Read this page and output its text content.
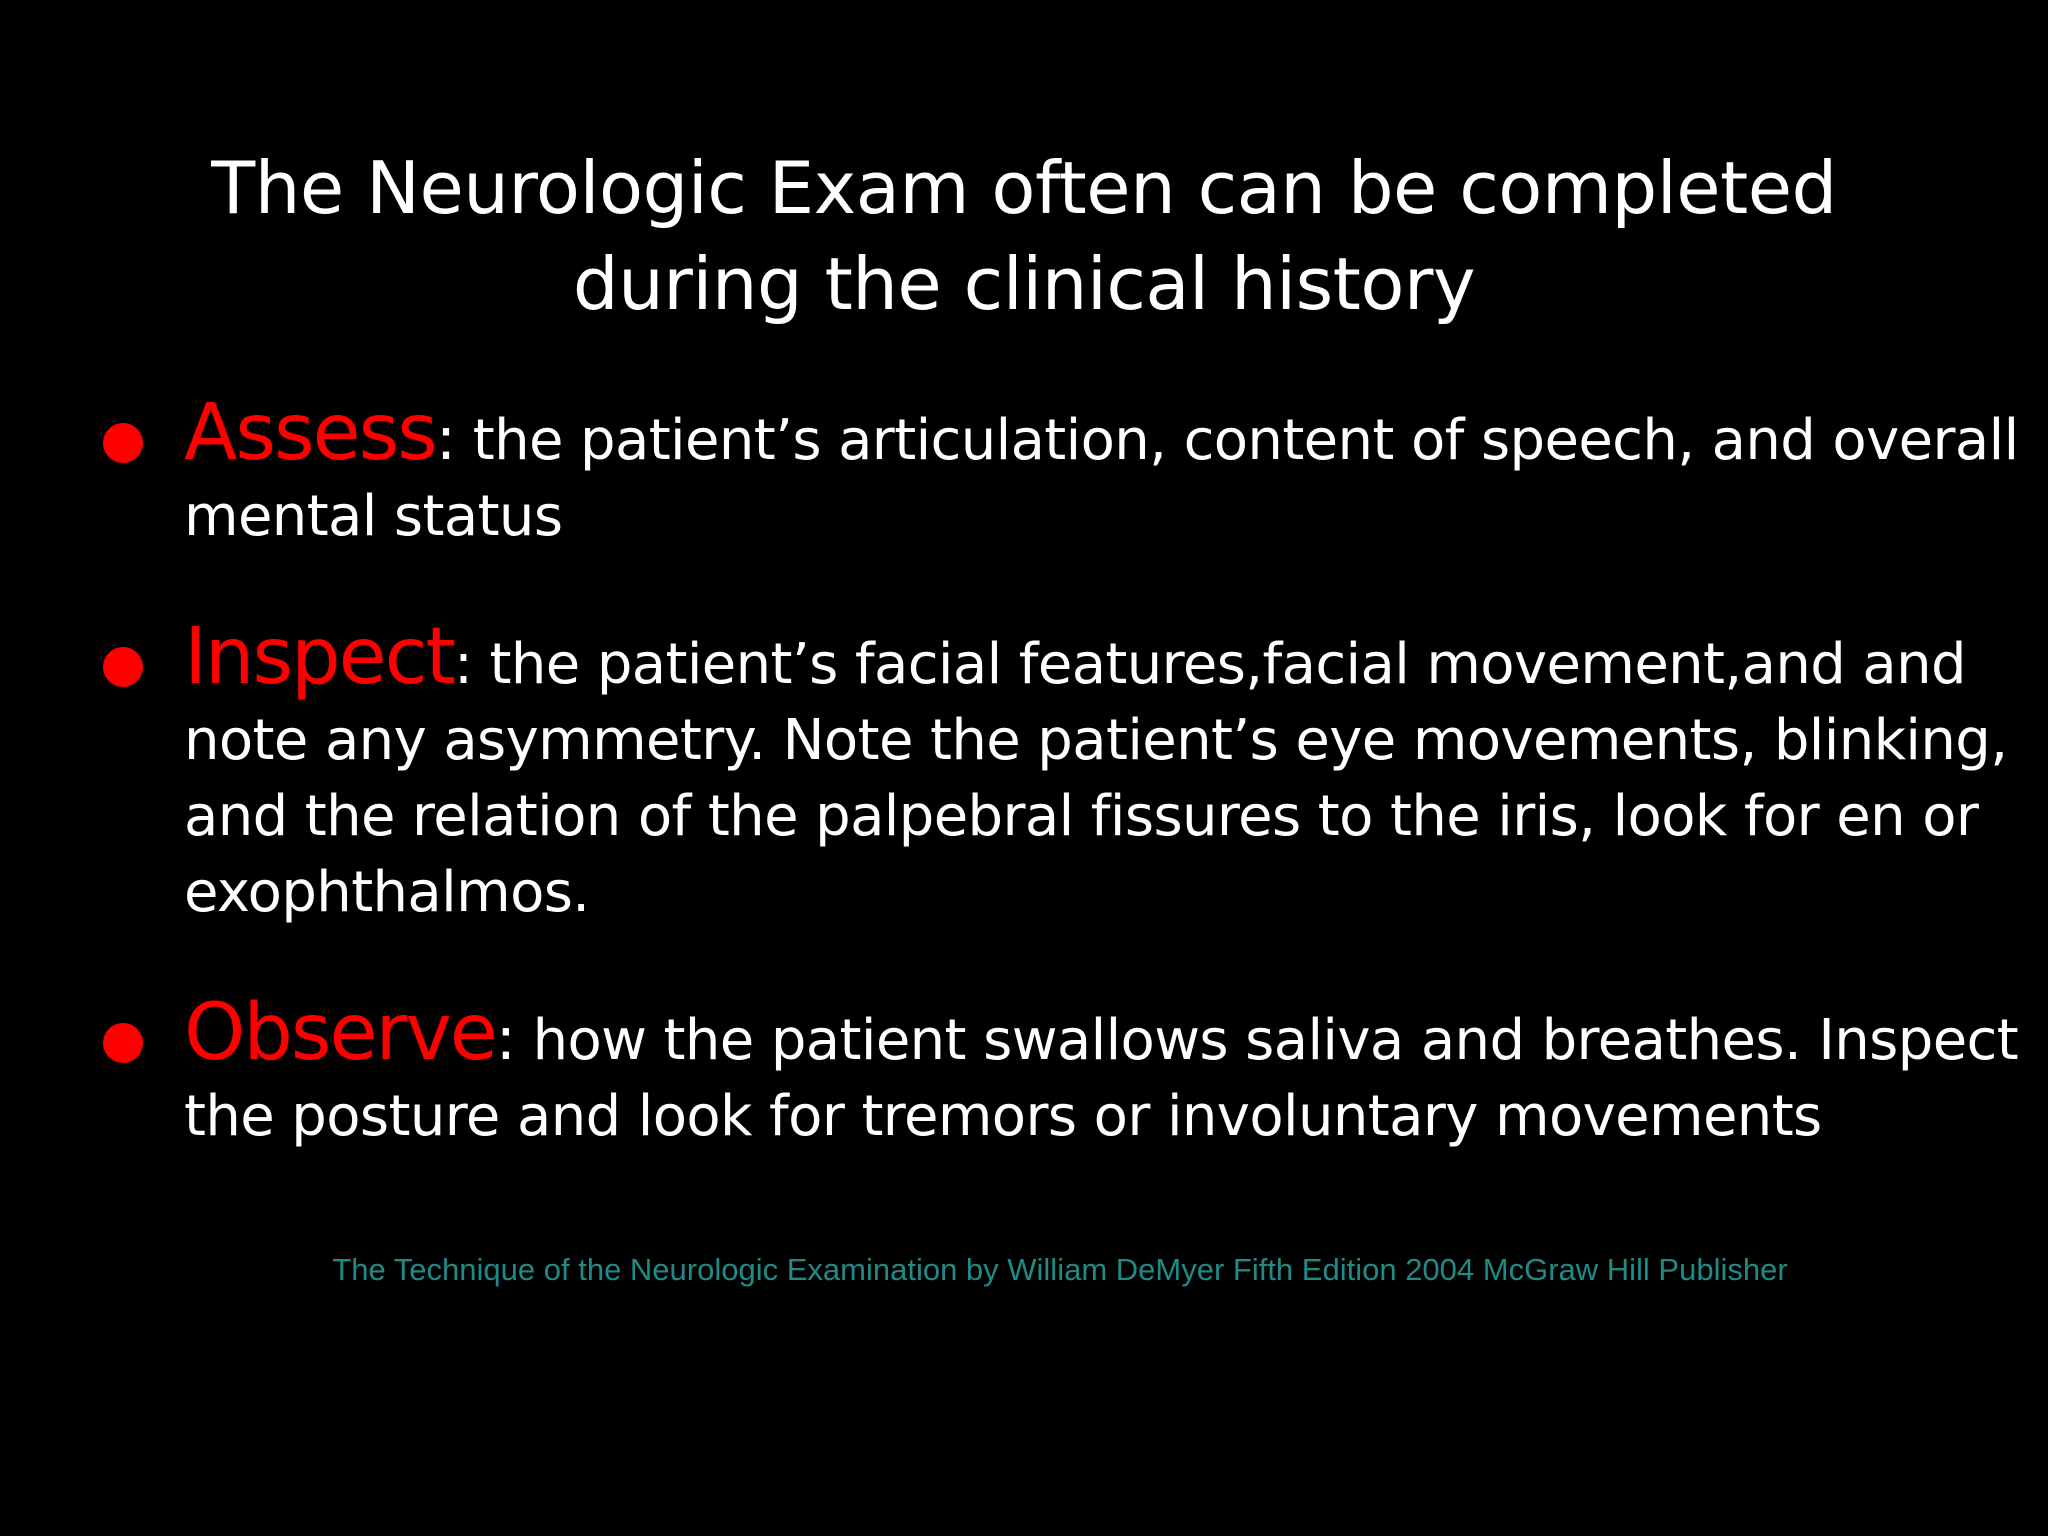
The Neurologic Exam often can be completed
during the clinical history
Assess: the patient’s articulation, content of speech, and overall mental status
Inspect: the patient’s facial features,facial movement,and and note any asymmetry. Note the patient’s eye movements, blinking, and the relation of the palpebral fissures to the iris, look for en or exophthalmos.
Observe: how the patient swallows saliva and breathes. Inspect the posture and look for tremors or involuntary movements
The Technique of the Neurologic Examination by William DeMyer Fifth Edition 2004 McGraw Hill Publisher
